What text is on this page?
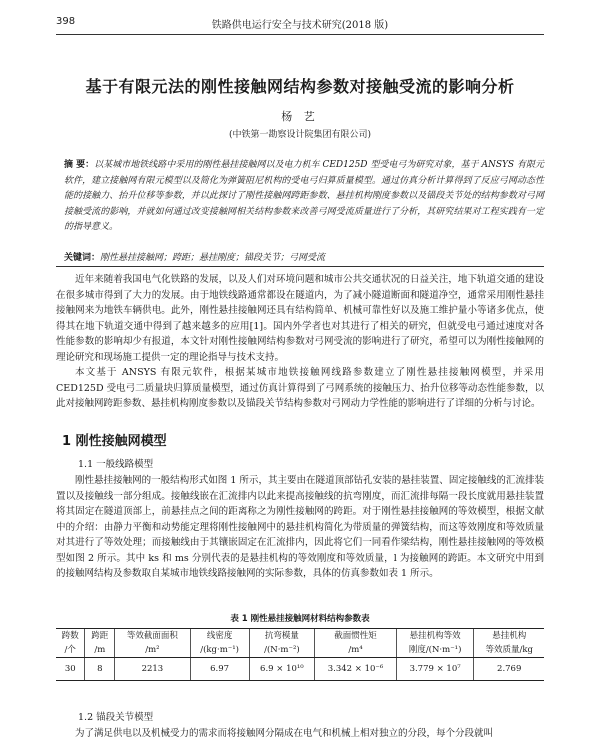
398	铁路供电运行安全与技术研究(2018 版)
基于有限元法的刚性接触网结构参数对接触受流的影响分析
杨 艺
(中铁第一勘察设计院集团有限公司)
摘 要：以某城市地铁线路中采用的刚性悬挂接触网以及电力机车 CED125D 型受电弓为研究对象，基于 ANSYS 有限元软件，建立接触网有限元模型以及简化为弹簧阻尼机构的受电弓归算质量模型。通过仿真分析计算得到了反应弓网动态性能的接触力、抬升位移等参数，并以此探讨了刚性接触网跨距参数、悬挂机构刚度参数以及锚段关节处的结构参数对弓网接触受流的影响，并就如何通过改变接触网相关结构参数来改善弓网受流质量进行了分析，其研究结果对工程实践有一定的指导意义。
关键词：刚性悬挂接触网；跨距；悬挂刚度；锚段关节；弓网受流
近年来随着我国电气化铁路的发展，以及人们对环境问题和城市公共交通状况的日益关注，地下轨道交通的建设在很多城市得到了大力的发展。由于地铁线路通常都设在隧道内，为了减小隧道断面和隧道净空，通常采用刚性悬挂接触网来为地铁车辆供电。此外，刚性悬挂接触网还具有结构简单、机械可靠性好以及施工维护量小等诸多优点，使得其在地下轨道交通中得到了越来越多的应用[1]。国内外学者也对其进行了相关的研究，但就受电弓通过速度对各性能参数的影响却少有报道，本文针对刚性接触网结构参数对弓网受流的影响进行了研究，希望可以为刚性接触网的理论研究和现场施工提供一定的理论指导与技术支持。
本文基于 ANSYS 有限元软件，根据某城市地铁接触网线路参数建立了刚性悬挂接触网模型，并采用 CED125D 受电弓二质量块归算质量模型，通过仿真计算得到了弓网系统的接触压力、抬升位移等动态性能参数，以此对接触网跨距参数、悬挂机构刚度参数以及锚段关节结构参数对弓网动力学性能的影响进行了详细的分析与讨论。
1 刚性接触网模型
1.1 一般线路模型
刚性悬挂接触网的一般结构形式如图 1 所示，其主要由在隧道顶部钻孔安装的悬挂装置、固定接触线的汇流排装置以及接触线一部分组成。接触线嵌在汇流排内以此来提高接触线的抗弯刚度，而汇流排每隔一段长度就用悬挂装置将其固定在隧道顶部上，前悬挂点之间的距离称之为刚性接触网的跨距。对于刚性悬挂接触网的等效模型，根据文献中的介绍：由静力平衡和动势能定理将刚性接触网中的悬挂机构简化为带质量的弹簧结构，而这等效刚度和等效质量对其进行了等效处理；而接触线由于其镶嵌固定在汇流排内，因此将它们一同看作梁结构，刚性悬挂接触网的等效模型如图 2 所示。其中 ks 和 ms 分别代表的是悬挂机构的等效刚度和等效质量，l 为接触网的跨距。本文研究中用到的接触网结构及参数取自某城市地铁线路接触网的实际参数，具体的仿真参数如表 1 所示。
表 1 刚性悬挂接触网材料结构参数表
跨数	跨距	等效截面面积	线密度	抗弯模量	截面惯性矩	悬挂机构等效	悬挂机构
/个	/m	/m²	/(kg·m⁻¹)	/(N·m⁻²)	/m⁴	刚度/(N·m⁻¹)	等效质量/kg
30	8	2213	6.97	6.9 × 10¹⁰	3.342 × 10⁻⁶	3.779 × 10⁷	2.769
1.2 锚段关节模型
为了满足供电以及机械受力的需求而将接触网分隔成在电气和机械上相对独立的分段，每个分段就叫
